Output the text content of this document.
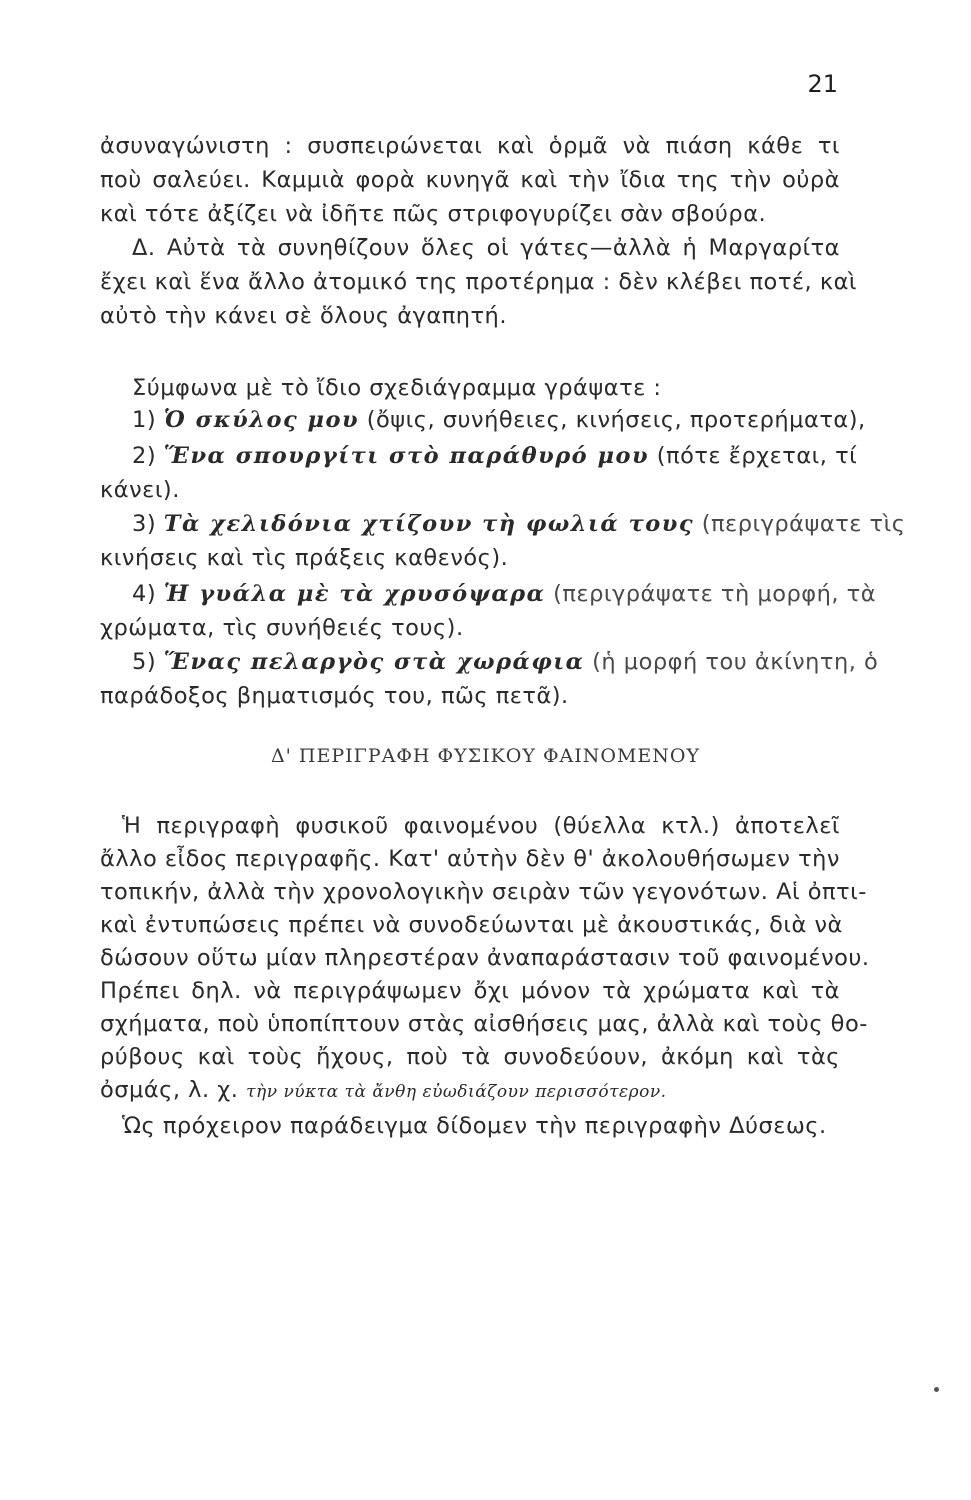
21
ἀσυναγώνιστη : συσπειρώνεται καὶ ὁρμᾶ νὰ πιάση κάθε τι
ποὺ σαλεύει. Καμμιὰ φορὰ κυνηγᾶ καὶ τὴν ἴδια της τὴν οὐρὰ
καὶ τότε ἀξίζει νὰ ἰδῆτε πῶς στριφογυρίζει σὰν σβούρα.
Δ. Αὐτὰ τὰ συνηθίζουν ὅλες οἱ γάτες—ἀλλὰ ἡ Μαργαρίτα
ἔχει καὶ ἕνα ἄλλο ἀτομικό της προτέρημα : δὲν κλέβει ποτέ, καὶ
αὐτὸ τὴν κάνει σὲ ὅλους ἀγαπητή.
Σύμφωνα μὲ τὸ ἴδιο σχεδιάγραμμα γράψατε :
1) Ὁ σκύλος μου (ὄψις, συνήθειες, κινήσεις, προτερήματα),
2) Ἕνα σπουργίτι στὸ παράθυρό μου (πότε ἔρχεται, τί
κάνει).
3) Τὰ χελιδόνια χτίζουν τὴ φωλιά τους (περιγράψατε τὶς
κινήσεις καὶ τὶς πράξεις καθενός).
4) Ἡ γυάλα μὲ τὰ χρυσόψαρα (περιγράψατε τὴ μορφή, τὰ
χρώματα, τὶς συνήθειές τους).
5) Ἕνας πελαργὸς στὰ χωράφια (ἡ μορφή του ἀκίνητη, ὁ
παράδοξος βηματισμός του, πῶς πετᾶ).
Δ' ΠΕΡΙΓΡΑΦΗ ΦΥΣΙΚΟΥ ΦΑΙΝΟΜΕΝΟΥ
Ἡ περιγραφὴ φυσικοῦ φαινομένου (θύελλα κτλ.) ἀποτελεῖ
ἄλλο εἶδος περιγραφῆς. Κατ' αὐτὴν δὲν θ' ἀκολουθήσωμεν τὴν
τοπικήν, ἀλλὰ τὴν χρονολογικὴν σειρὰν τῶν γεγονότων. Αἱ ὀπτι-
καὶ ἐντυπώσεις πρέπει νὰ συνοδεύωνται μὲ ἀκουστικάς, διὰ νὰ
δώσουν οὕτω μίαν πληρεστέραν ἀναπαράστασιν τοῦ φαινομένου.
Πρέπει δηλ. νὰ περιγράψωμεν ὄχι μόνον τὰ χρώματα καὶ τὰ
σχήματα, ποὺ ὑποπίπτουν στὰς αἰσθήσεις μας, ἀλλὰ καὶ τοὺς θο-
ρύβους καὶ τοὺς ἤχους, ποὺ τὰ συνοδεύουν, ἀκόμη καὶ τὰς
ὀσμάς, λ. χ. τὴν νύκτα τὰ ἄνθη εὐωδιάζουν περισσότερον.
Ὡς πρόχειρον παράδειγμα δίδομεν τὴν περιγραφὴν Δύσεως.
